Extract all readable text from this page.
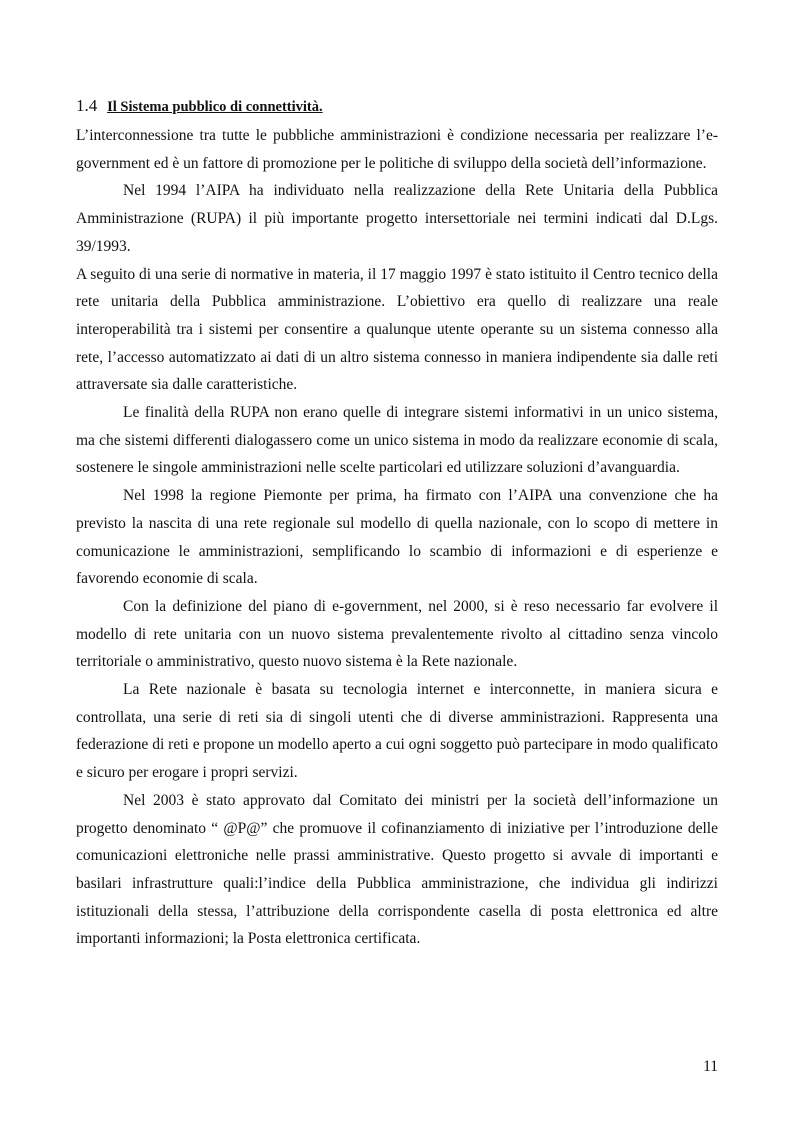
1.4 Il Sistema pubblico di connettività.

L’interconnessione tra tutte le pubbliche amministrazioni è condizione necessaria per realizzare l’e-government ed è un fattore di promozione per le politiche di sviluppo della società dell’informazione.

Nel 1994 l’AIPA ha individuato nella realizzazione della Rete Unitaria della Pubblica Amministrazione (RUPA) il più importante progetto intersettoriale nei termini indicati dal D.Lgs. 39/1993.

A seguito di una serie di normative in materia, il 17 maggio 1997 è stato istituito il Centro tecnico della rete unitaria della Pubblica amministrazione. L’obiettivo era quello di realizzare una reale interoperabilità tra i sistemi per consentire a qualunque utente operante su un sistema connesso alla rete, l’accesso automatizzato ai dati di un altro sistema connesso in maniera indipendente sia dalle reti attraversate sia dalle caratteristiche.

Le finalità della RUPA non erano quelle di integrare sistemi informativi in un unico sistema, ma che sistemi differenti dialogassero come un unico sistema in modo da realizzare economie di scala, sostenere le singole amministrazioni nelle scelte particolari ed utilizzare soluzioni d’avanguardia.

Nel 1998 la regione Piemonte per prima, ha firmato con l’AIPA una convenzione che ha previsto la nascita di una rete regionale sul modello di quella nazionale, con lo scopo di mettere in comunicazione le amministrazioni, semplificando lo scambio di informazioni e di esperienze e favorendo economie di scala.

Con la definizione del piano di e-government, nel 2000, si è reso necessario far evolvere il modello di rete unitaria con un nuovo sistema prevalentemente rivolto al cittadino senza vincolo territoriale o amministrativo, questo nuovo sistema è la Rete nazionale.

La Rete nazionale è basata su tecnologia internet e interconnette, in maniera sicura e controllata, una serie di reti sia di singoli utenti che di diverse amministrazioni. Rappresenta una federazione di reti e propone un modello aperto a cui ogni soggetto può partecipare in modo qualificato e sicuro per erogare i propri servizi.

Nel 2003 è stato approvato dal Comitato dei ministri per la società dell’informazione un progetto denominato “ @P@” che promuove il cofinanziamento di iniziative per l’introduzione delle comunicazioni elettroniche nelle prassi amministrative. Questo progetto si avvale di importanti e basilari infrastrutture quali:l’indice della Pubblica amministrazione, che individua gli indirizzi istituzionali della stessa, l’attribuzione della corrispondente casella di posta elettronica ed altre importanti informazioni; la Posta elettronica certificata.

11
